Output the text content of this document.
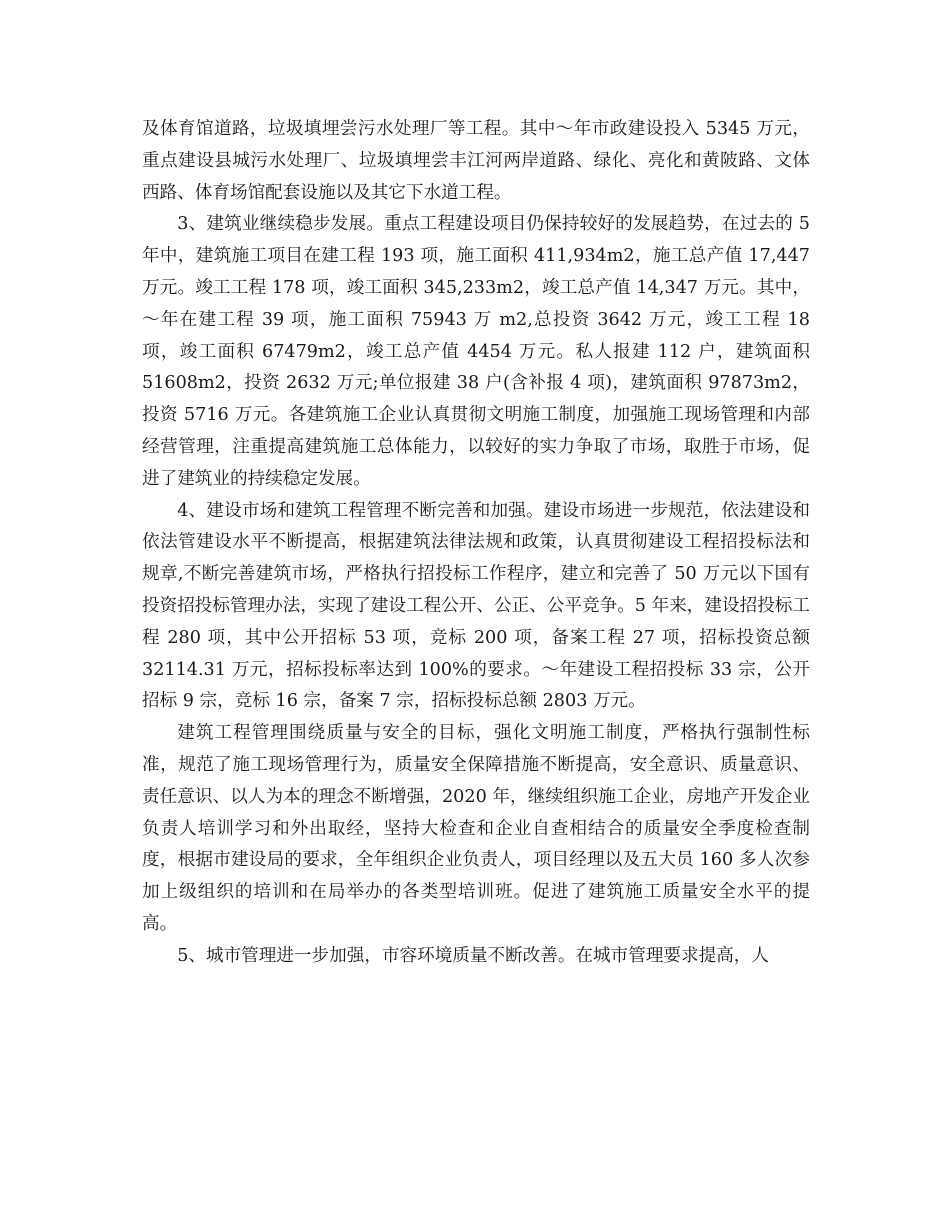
及体育馆道路，垃圾填埋尝污水处理厂等工程。其中～年市政建设投入 5345 万元，重点建设县城污水处理厂、垃圾填埋尝丰江河两岸道路、绿化、亮化和黄陂路、文体西路、体育场馆配套设施以及其它下水道工程。

3、建筑业继续稳步发展。重点工程建设项目仍保持较好的发展趋势，在过去的 5 年中，建筑施工项目在建工程 193 项，施工面积 411,934m2，施工总产值 17,447 万元。竣工工程 178 项，竣工面积 345,233m2，竣工总产值 14,347 万元。其中，～年在建工程 39 项，施工面积 75943 万 m2,总投资 3642 万元，竣工工程 18 项，竣工面积 67479m2，竣工总产值 4454 万元。私人报建 112 户，建筑面积 51608m2，投资 2632 万元;单位报建 38 户(含补报 4 项)，建筑面积 97873m2，投资 5716 万元。各建筑施工企业认真贯彻文明施工制度，加强施工现场管理和内部经营管理，注重提高建筑施工总体能力，以较好的实力争取了市场，取胜于市场，促进了建筑业的持续稳定发展。

4、建设市场和建筑工程管理不断完善和加强。建设市场进一步规范，依法建设和依法管建设水平不断提高，根据建筑法律法规和政策，认真贯彻建设工程招投标法和规章,不断完善建筑市场，严格执行招投标工作程序，建立和完善了 50 万元以下国有投资招投标管理办法，实现了建设工程公开、公正、公平竞争。5 年来，建设招投标工程 280 项，其中公开招标 53 项，竞标 200 项，备案工程 27 项，招标投资总额 32114.31 万元，招标投标率达到 100%的要求。～年建设工程招投标 33 宗，公开招标 9 宗，竞标 16 宗，备案 7 宗，招标投标总额 2803 万元。

建筑工程管理围绕质量与安全的目标，强化文明施工制度，严格执行强制性标准，规范了施工现场管理行为，质量安全保障措施不断提高，安全意识、质量意识、责任意识、以人为本的理念不断增强，2020 年，继续组织施工企业，房地产开发企业负责人培训学习和外出取经，坚持大检查和企业自查相结合的质量安全季度检查制度，根据市建设局的要求，全年组织企业负责人，项目经理以及五大员 160 多人次参加上级组织的培训和在局举办的各类型培训班。促进了建筑施工质量安全水平的提高。

5、城市管理进一步加强，市容环境质量不断改善。在城市管理要求提高，人
